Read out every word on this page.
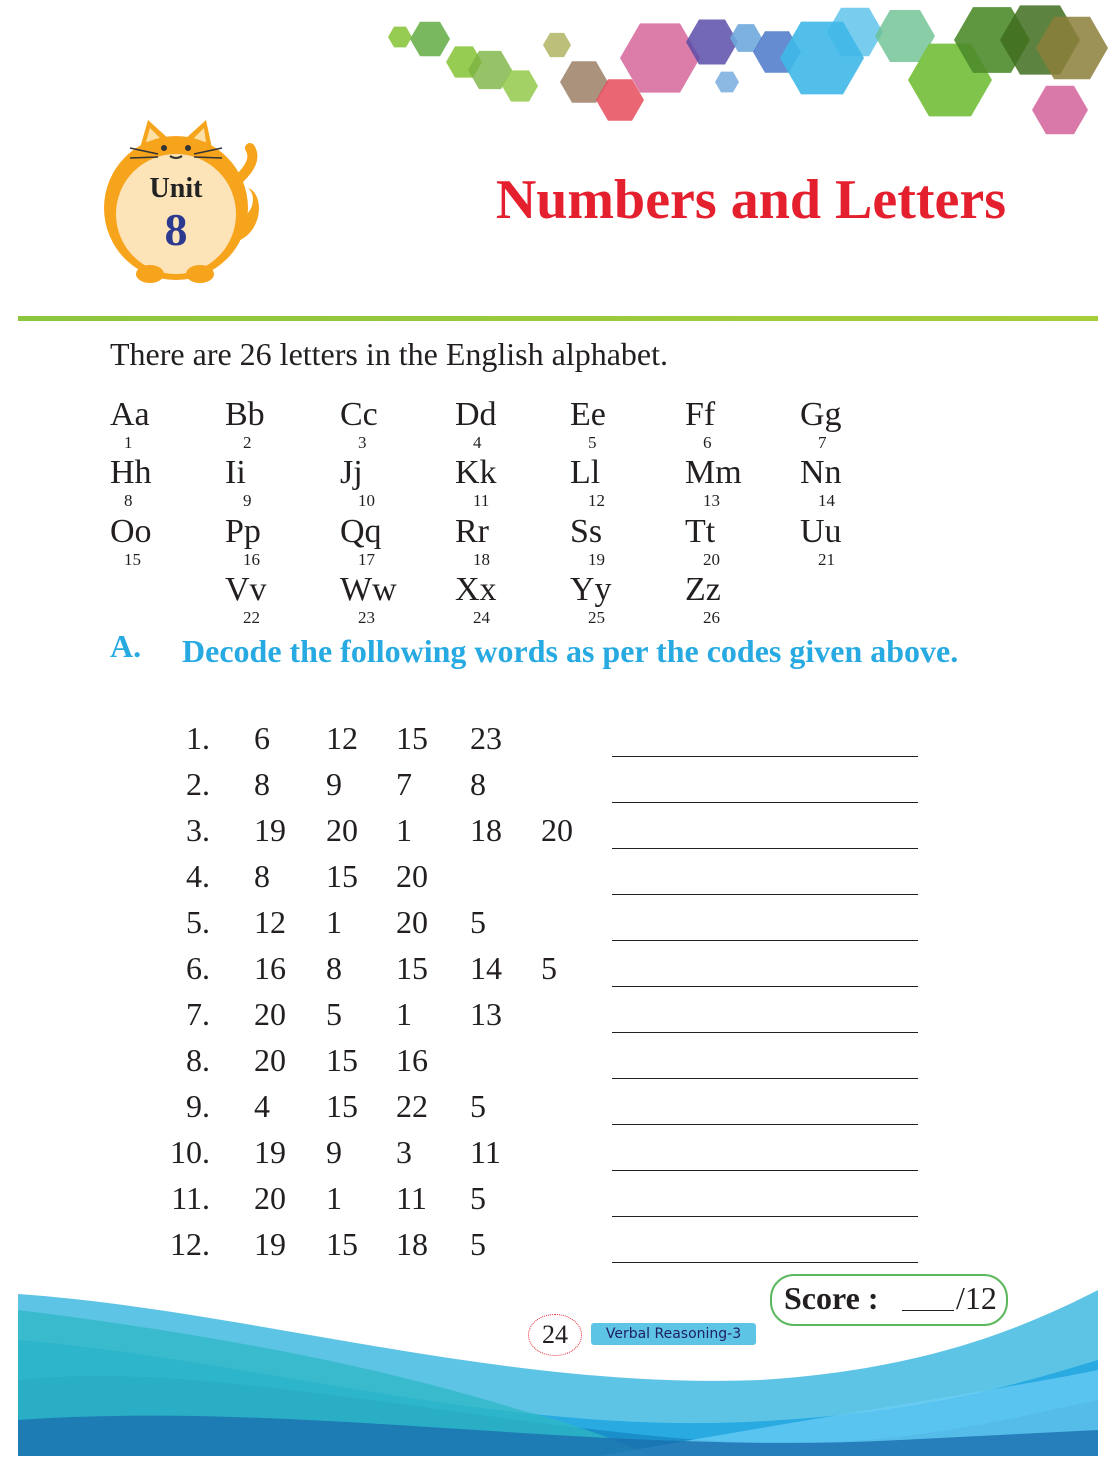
Unit
8	Numbers and Letters
There are 26 letters in the English alphabet.
Aa
1
Bb
2
Cc
3
Dd
4
Ee
5
Ff
6
Gg
7
Hh
8
Ii
9
Jj
10
Kk
11
Ll
12
Mm
13
Nn
14
Oo
15
Pp
16
Qq
17
Rr
18
Ss
19
Tt
20
Uu
21
Vv
22
Ww
23
Xx
24
Yy
25
Zz
26
A. Decode the following words as per the codes given above.
1. 6 12 15 23
2. 8 9 7 8
3. 19 20 1 18 20
4. 8 15 20
5. 12 1 20 5
6. 16 8 15 14 5
7. 20 5 1 13
8. 20 15 16
9. 4 15 22 5
10. 19 9 3 11
11. 20 1 11 5
12. 19 15 18 5
Score : /12
24	Verbal Reasoning-3
